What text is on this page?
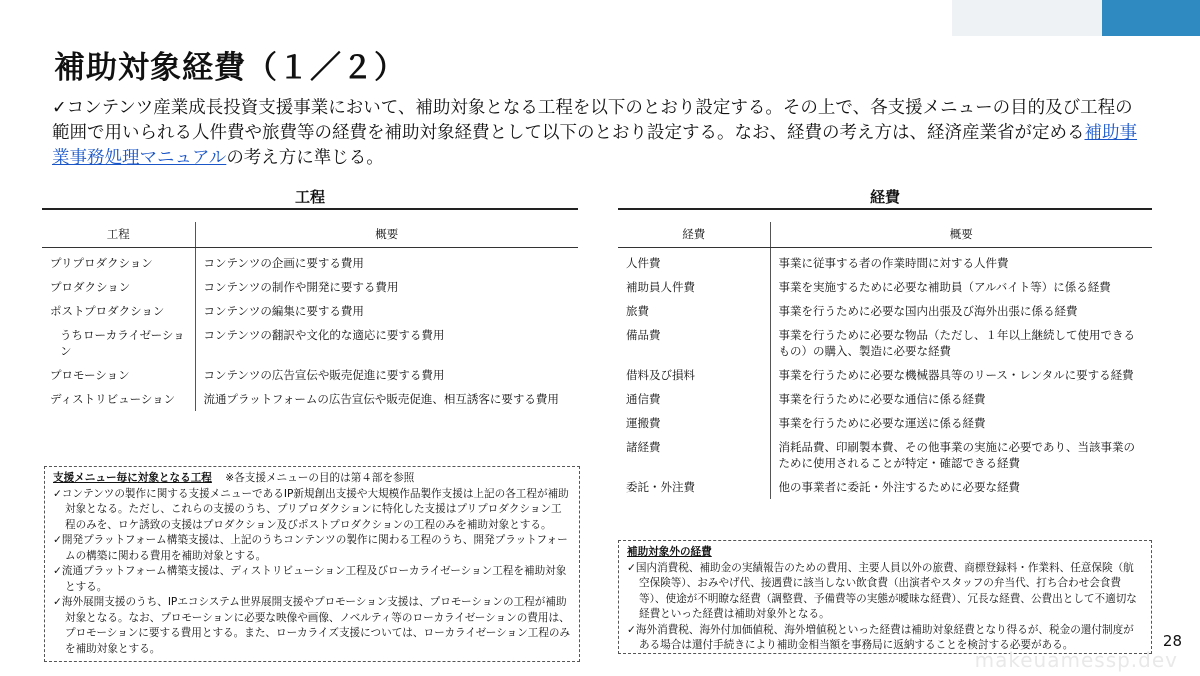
補助対象経費（１／２）

✓コンテンツ産業成長投資支援事業において、補助対象となる工程を以下のとおり設定する。その上で、各支援メニューの目的及び工程の範囲で用いられる人件費や旅費等の経費を補助対象経費として以下のとおり設定する。なお、経費の考え方は、経済産業省が定める補助事業事務処理マニュアルの考え方に準じる。

工程
工程	概要
プリプロダクション	コンテンツの企画に要する費用
プロダクション	コンテンツの制作や開発に要する費用
ポストプロダクション	コンテンツの編集に要する費用
うちローカライゼーション	コンテンツの翻訳や文化的な適応に要する費用
プロモーション	コンテンツの広告宣伝や販売促進に要する費用
ディストリビューション	流通プラットフォームの広告宣伝や販売促進、相互誘客に要する費用
経費
経費	概要
人件費	事業に従事する者の作業時間に対する人件費
補助員人件費	事業を実施するために必要な補助員（アルバイト等）に係る経費
旅費	事業を行うために必要な国内出張及び海外出張に係る経費
備品費	事業を行うために必要な物品（ただし、１年以上継続して使用できるもの）の購入、製造に必要な経費
借料及び損料	事業を行うために必要な機械器具等のリース・レンタルに要する経費
通信費	事業を行うために必要な通信に係る経費
運搬費	事業を行うために必要な運送に係る経費
諸経費	消耗品費、印刷製本費、その他事業の実施に必要であり、当該事業のために使用されることが特定・確認できる経費
委託・外注費	他の事業者に委託・外注するために必要な経費

支援メニュー毎に対象となる工程 ※各支援メニューの目的は第４部を参照

✓コンテンツの製作に関する支援メニューであるIP新規創出支援や大規模作品製作支援は上記の各工程が補助対象となる。ただし、これらの支援のうち、プリプロダクションに特化した支援はプリプロダクション工程のみを、ロケ誘致の支援はプロダクション及びポストプロダクションの工程のみを補助対象とする。

✓開発プラットフォーム構築支援は、上記のうちコンテンツの製作に関わる工程のうち、開発プラットフォームの構築に関わる費用を補助対象とする。

✓流通プラットフォーム構築支援は、ディストリビューション工程及びローカライゼーション工程を補助対象とする。

✓海外展開支援のうち、IPエコシステム世界展開支援やプロモーション支援は、プロモーションの工程が補助対象となる。なお、プロモーションに必要な映像や画像、ノベルティ等のローカライゼーションの費用は、プロモーションに要する費用とする。また、ローカライズ支援については、ローカライゼーション工程のみを補助対象とする。

補助対象外の経費

✓国内消費税、補助金の実績報告のための費用、主要人員以外の旅費、商標登録料・作業料、任意保険（航空保険等）、おみやげ代、接遇費に該当しない飲食費（出演者やスタッフの弁当代、打ち合わせ会食費等）、使途が不明瞭な経費（調整費、予備費等の実態が曖昧な経費）、冗長な経費、公費出として不適切な経費といった経費は補助対象外となる。

✓海外消費税、海外付加価値税、海外増値税といった経費は補助対象経費となり得るが、税金の還付制度がある場合は還付手続きにより補助金相当額を事務局に返納することを検討する必要がある。	28
makeuamessp.dev
